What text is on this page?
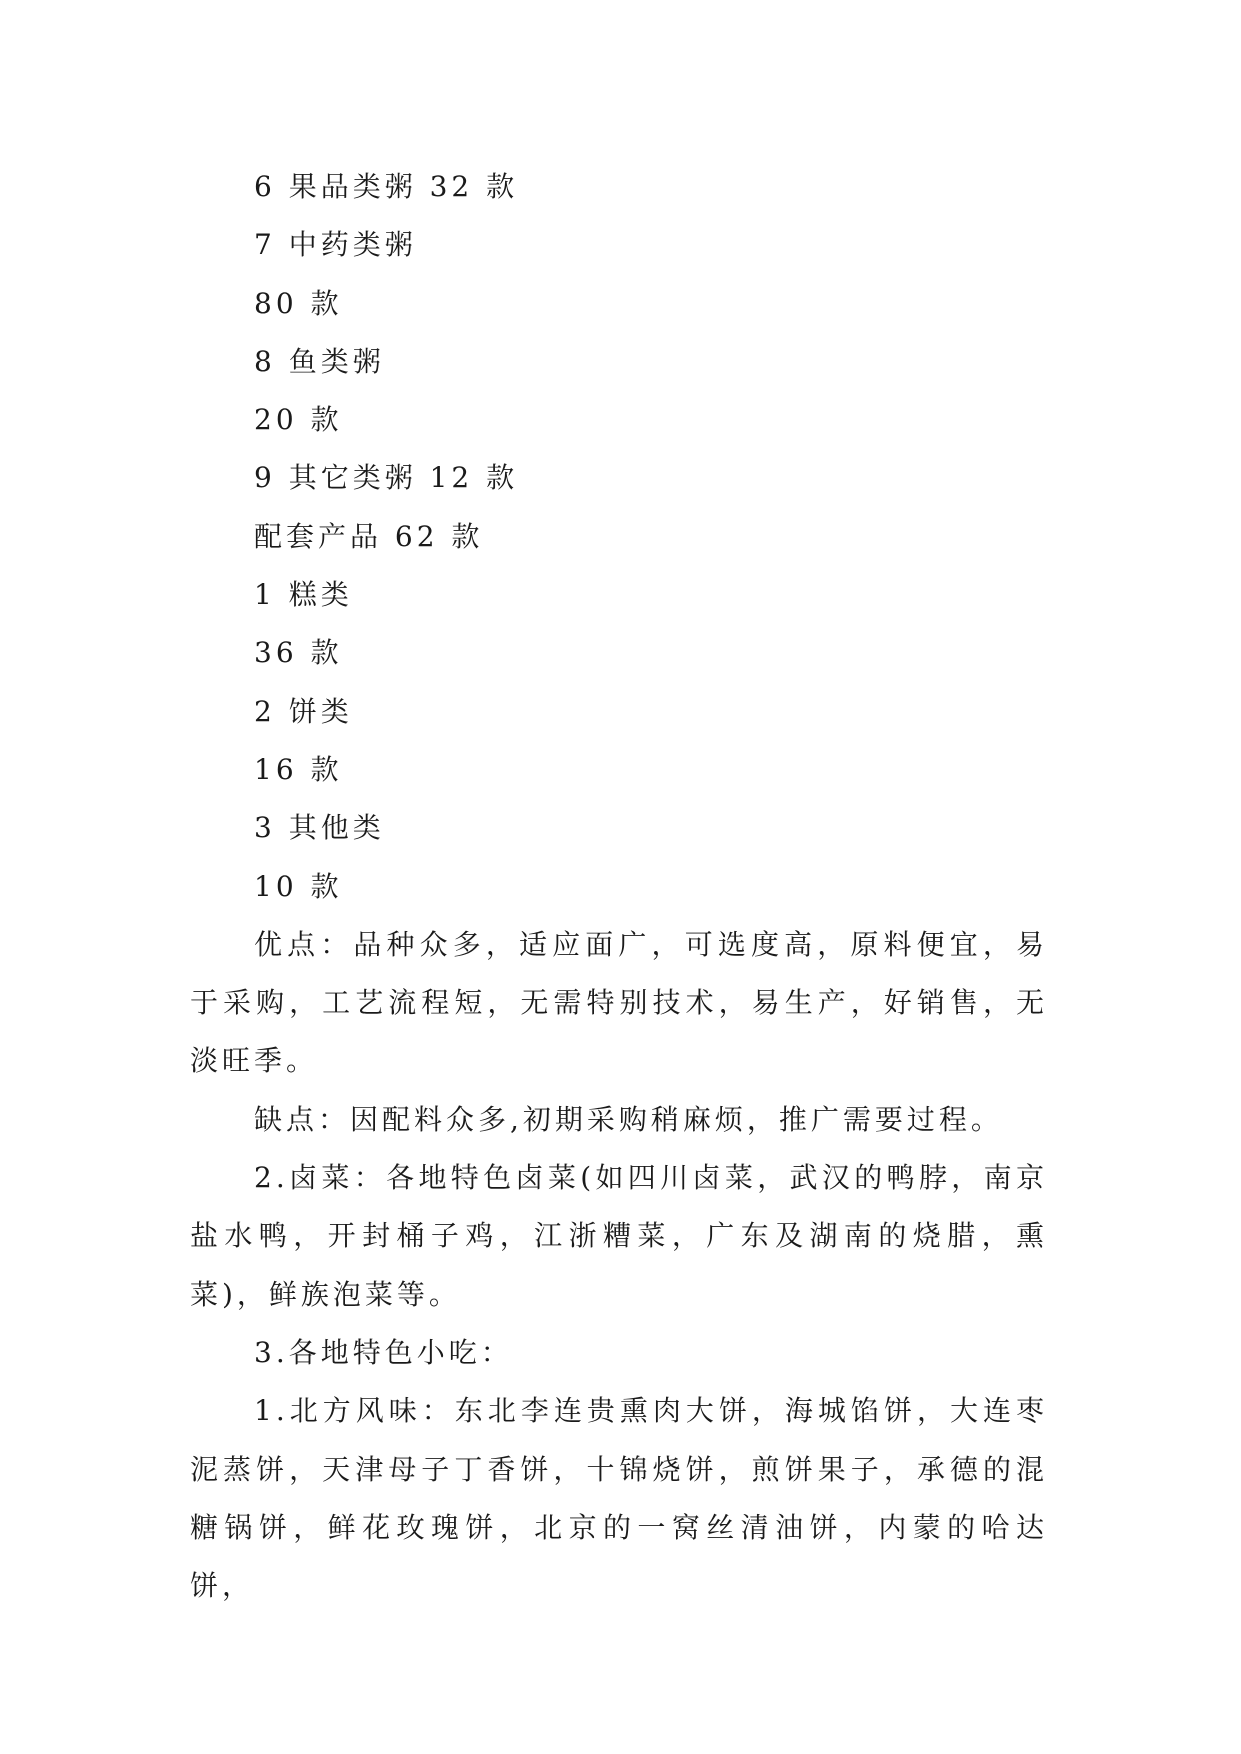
6 果品类粥 32 款

7 中药类粥

80 款

8 鱼类粥

20 款

9 其它类粥 12 款

配套产品 62 款

1 糕类

36 款

2 饼类

16 款

3 其他类

10 款

优点：品种众多，适应面广，可选度高，原料便宜，易于采购，工艺流程短，无需特别技术，易生产，好销售，无淡旺季。

缺点：因配料众多,初期采购稍麻烦，推广需要过程。

2.卤菜：各地特色卤菜(如四川卤菜，武汉的鸭脖，南京盐水鸭，开封桶子鸡，江浙糟菜，广东及湖南的烧腊，熏菜)，鲜族泡菜等。

3.各地特色小吃：

1.北方风味：东北李连贵熏肉大饼，海城馅饼，大连枣泥蒸饼，天津母子丁香饼，十锦烧饼，煎饼果子，承德的混糖锅饼，鲜花玫瑰饼，北京的一窝丝清油饼，内蒙的哈达饼，
